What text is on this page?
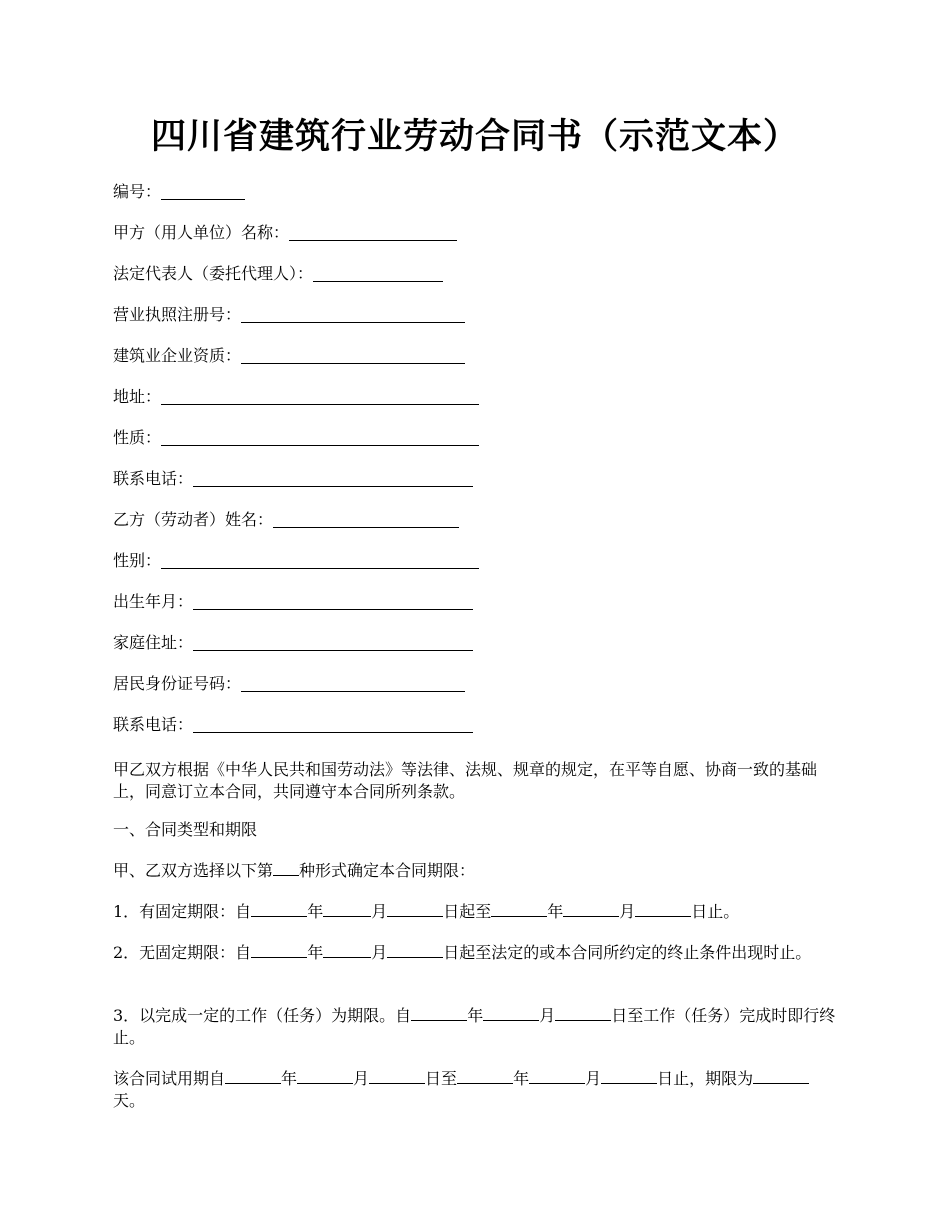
四川省建筑行业劳动合同书（示范文本）
编号：
甲方（用人单位）名称：
法定代表人（委托代理人）：
营业执照注册号：
建筑业企业资质：
地址：
性质：
联系电话：
乙方（劳动者）姓名：
性别：
出生年月：
家庭住址：
居民身份证号码：
联系电话：

甲乙双方根据《中华人民共和国劳动法》等法律、法规、规章的规定，在平等自愿、协商一致的基础上，同意订立本合同，共同遵守本合同所列条款。

一、合同类型和期限

甲、乙双方选择以下第 种形式确定本合同期限：

1．有固定期限：自	年	月	日起至	年	月	日止。

2．无固定期限：自	年	月	日起至法定的或本合同所约定的终止条件出现时止。

3．以完成一定的工作（任务）为期限。自	年	月	日至工作（任务）完成时即行终止。

该合同试用期自	年	月	日至	年	月	日止，期限为天。
